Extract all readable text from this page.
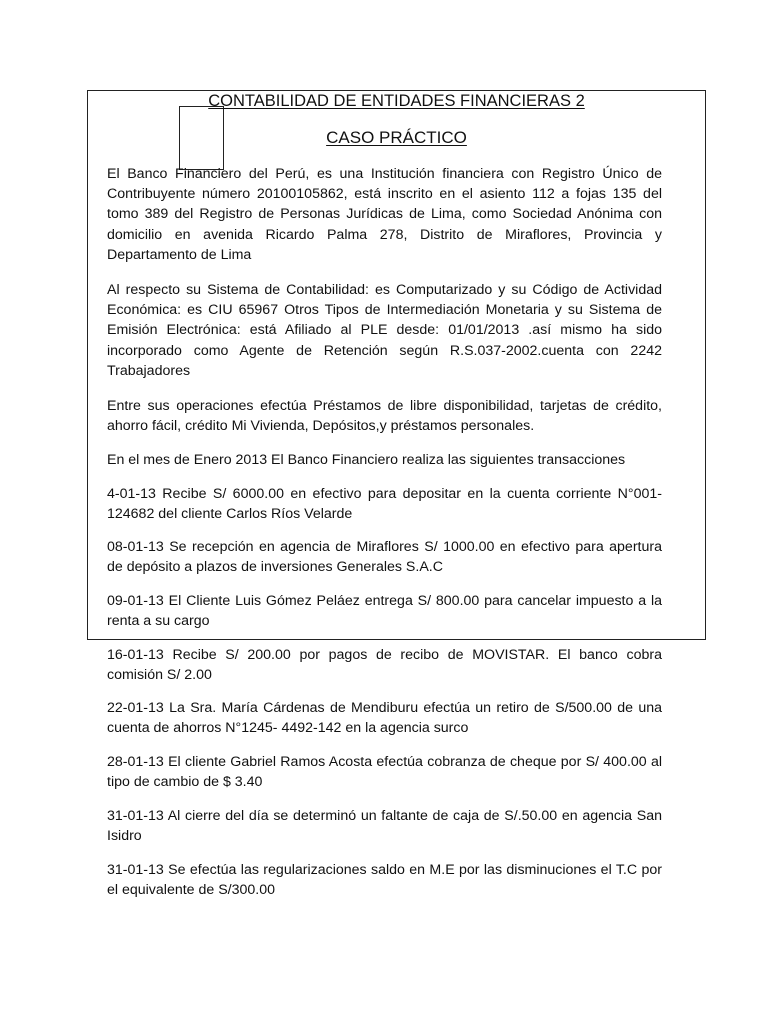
CONTABILIDAD DE ENTIDADES FINANCIERAS 2
CASO PRÁCTICO

El Banco Financiero del Perú, es una Institución financiera con Registro Único de Contribuyente número 20100105862, está inscrito en el asiento 112 a fojas 135 del tomo 389 del Registro de Personas Jurídicas de Lima, como Sociedad Anónima con domicilio en avenida Ricardo Palma 278, Distrito de Miraflores, Provincia y Departamento de Lima

Al respecto su Sistema de Contabilidad: es Computarizado y su Código de Actividad Económica: es CIU 65967 Otros Tipos de Intermediación Monetaria y su Sistema de Emisión Electrónica: está Afiliado al PLE desde: 01/01/2013 .así mismo ha sido incorporado como Agente de Retención según R.S.037-2002.cuenta con 2242 Trabajadores

Entre sus operaciones efectúa Préstamos de libre disponibilidad, tarjetas de crédito, ahorro fácil, crédito Mi Vivienda, Depósitos,y préstamos personales.

En el mes de Enero 2013 El Banco Financiero realiza las siguientes transacciones

4-01-13 Recibe S/ 6000.00 en efectivo para depositar en la cuenta corriente N°001-124682 del cliente Carlos Ríos Velarde

08-01-13 Se recepción en agencia de Miraflores S/ 1000.00 en efectivo para apertura de depósito a plazos de inversiones Generales S.A.C

09-01-13 El Cliente Luis Gómez Peláez entrega S/ 800.00 para cancelar impuesto a la renta a su cargo

16-01-13 Recibe S/ 200.00 por pagos de recibo de MOVISTAR. El banco cobra comisión S/ 2.00

22-01-13 La Sra. María Cárdenas de Mendiburu efectúa un retiro de S/500.00 de una cuenta de ahorros N°1245- 4492-142 en la agencia surco

28-01-13 El cliente Gabriel Ramos Acosta efectúa cobranza de cheque por S/ 400.00 al tipo de cambio de $ 3.40

31-01-13 Al cierre del día se determinó un faltante de caja de S/.50.00 en agencia San Isidro

31-01-13 Se efectúa las regularizaciones saldo en M.E por las disminuciones el T.C por el equivalente de S/300.00
